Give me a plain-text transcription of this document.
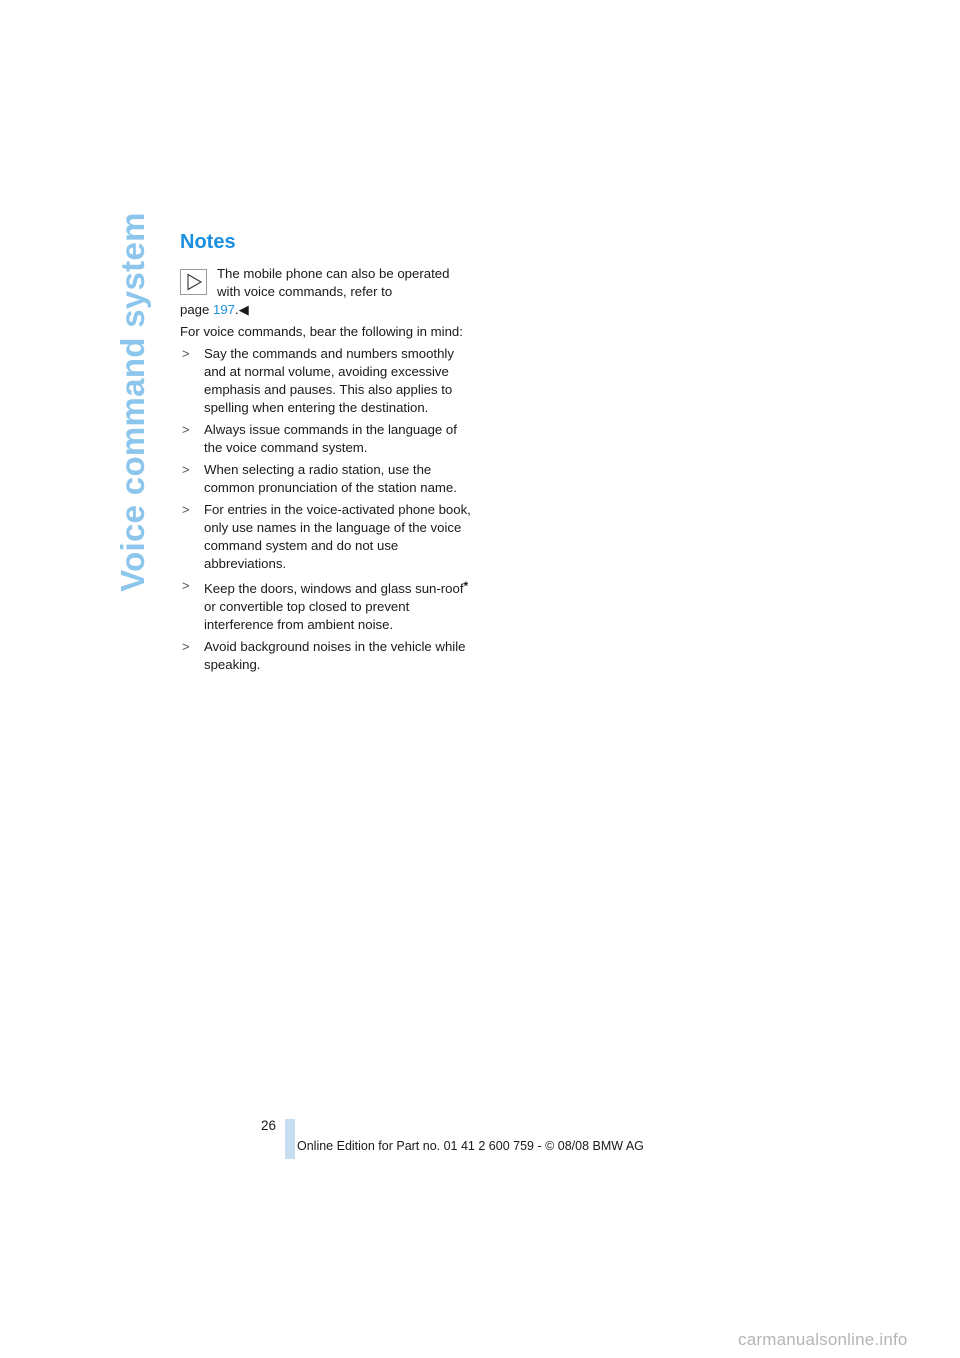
Voice command system Notes
The mobile phone can also be operated
with voice commands, refer to

page 197.◀

For voice commands, bear the following in mind:

> Say the commands and numbers smoothly and at normal volume, avoiding excessive emphasis and pauses. This also applies to spelling when entering the destination.
> Always issue commands in the language of the voice command system.
> When selecting a radio station, use the common pronunciation of the station name.
> For entries in the voice-activated phone book, only use names in the language of the voice command system and do not use abbreviations.
> Keep the doors, windows and glass sun-roof* or convertible top closed to prevent interference from ambient noise.
> Avoid background noises in the vehicle while speaking.
26
Online Edition for Part no. 01 41 2 600 759 - © 08/08 BMW AG
carmanualsonline.info
